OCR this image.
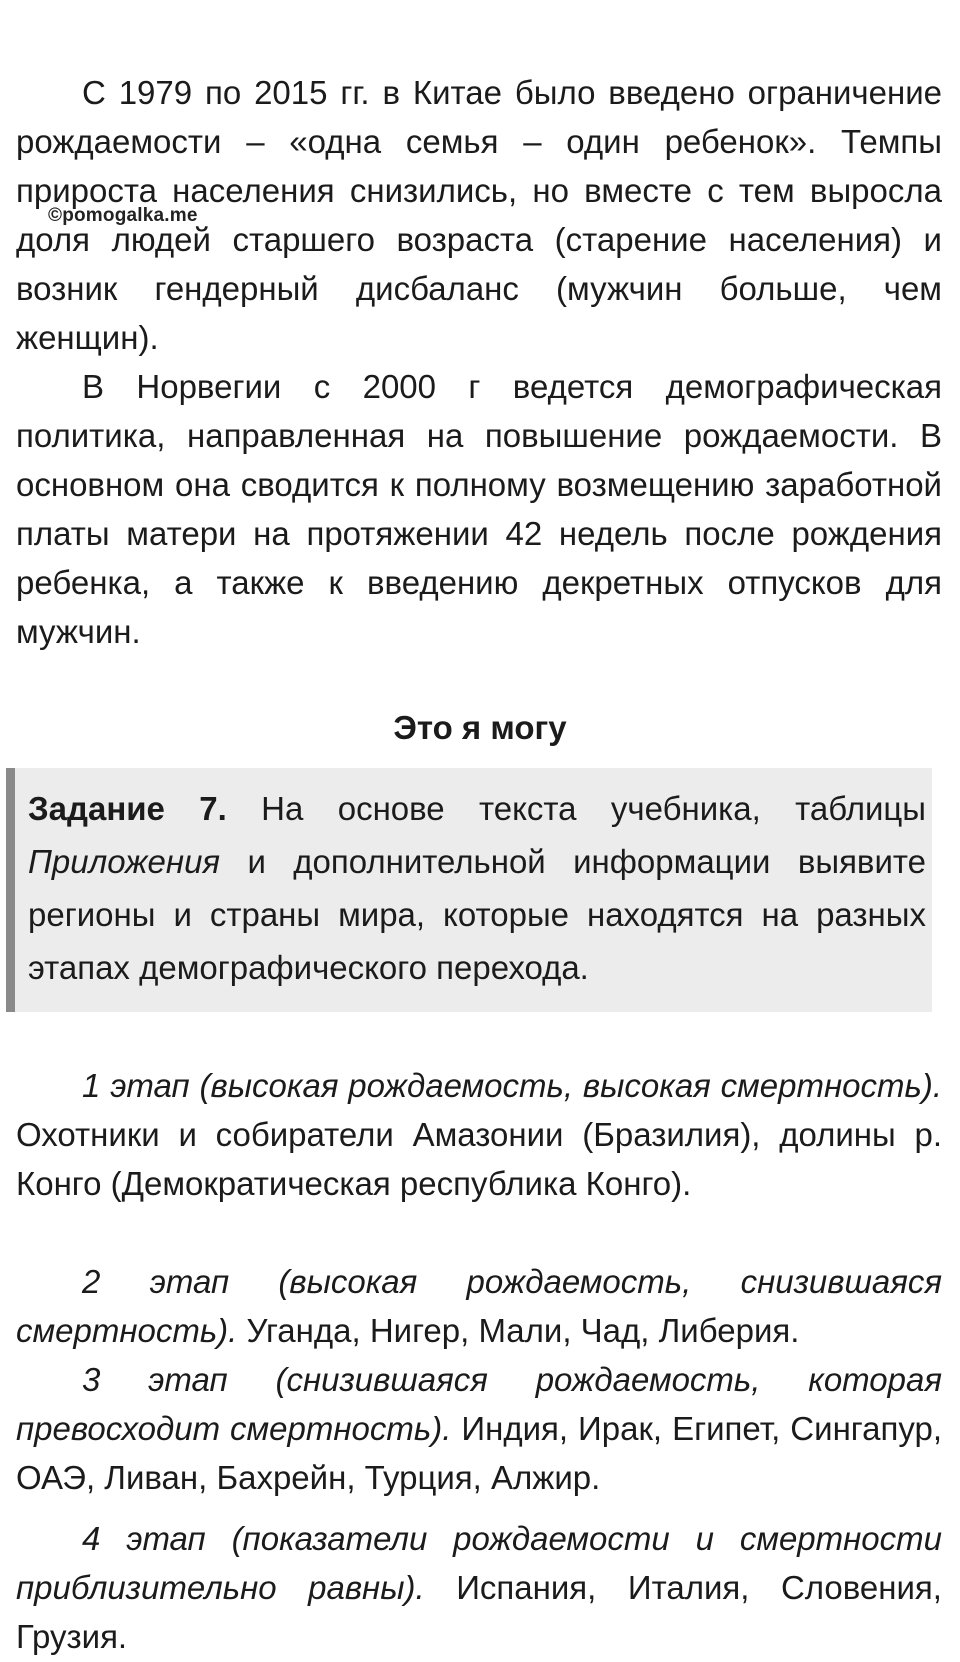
С 1979 по 2015 гг. в Китае было введено ограничение рождаемости – «одна семья – один ребенок». Темпы прироста населения снизились, но вместе с тем выросла доля людей старшего возраста (старение населения) и возник гендерный дисбаланс (мужчин больше, чем женщин).

©pomogalka.me

В Норвегии с 2000 г ведется демографическая политика, направленная на повышение рождаемости. В основном она сводится к полному возмещению заработной платы матери на протяжении 42 недель после рождения ребенка, а также к введению декретных отпусков для мужчин.

Это я могу

Задание 7. На основе текста учебника, таблицы Приложения и дополнительной информации выявите регионы и страны мира, которые находятся на разных этапах демографического перехода.

1 этап (высокая рождаемость, высокая смертность). Охотники и собиратели Амазонии (Бразилия), долины р. Конго (Демократическая республика Конго).

2 этап (высокая рождаемость, снизившаяся смертность). Уганда, Нигер, Мали, Чад, Либерия.

3 этап (снизившаяся рождаемость, которая превосходит смертность). Индия, Ирак, Египет, Сингапур, ОАЭ, Ливан, Бахрейн, Турция, Алжир.

4 этап (показатели рождаемости и смертности приблизительно равны). Испания, Италия, Словения, Грузия.
